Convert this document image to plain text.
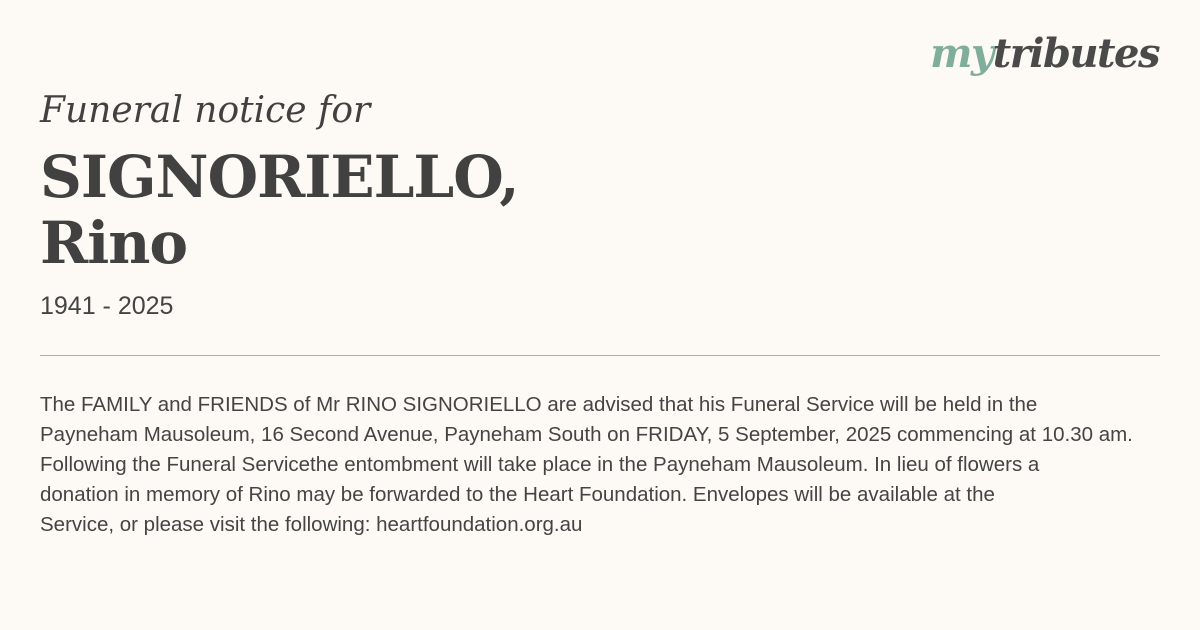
mytributes
Funeral notice for
SIGNORIELLO,
Rino
1941 - 2025
The FAMILY and FRIENDS of Mr RINO SIGNORIELLO are advised that his Funeral Service will be held in the
Payneham Mausoleum, 16 Second Avenue, Payneham South on FRIDAY, 5 September, 2025 commencing at 10.30 am.
Following the Funeral Servicethe entombment will take place in the Payneham Mausoleum. In lieu of flowers a
donation in memory of Rino may be forwarded to the Heart Foundation. Envelopes will be available at the
Service, or please visit the following: heartfoundation.org.au
